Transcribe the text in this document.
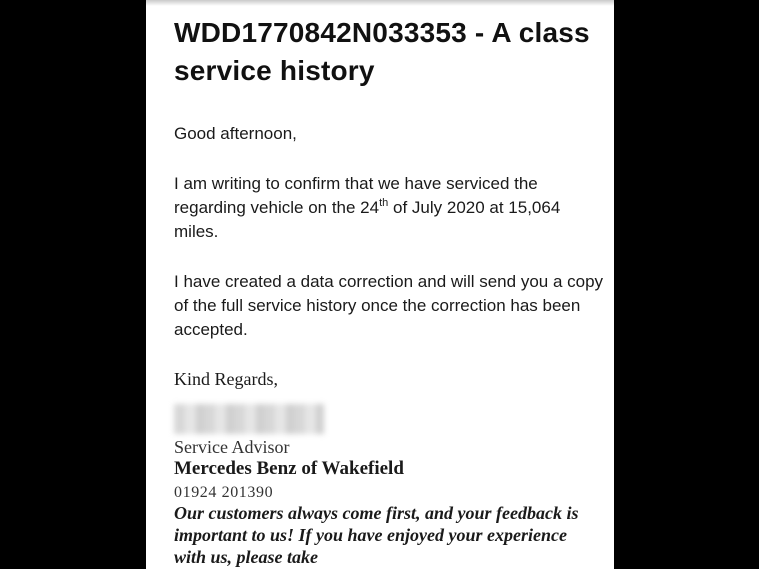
WDD1770842N033353 - A class service history

Good afternoon,

I am writing to confirm that we have serviced the regarding vehicle on the 24th of July 2020 at 15,064 miles.

I have created a data correction and will send you a copy of the full service history once the correction has been accepted.

Kind Regards,

Service Advisor

Mercedes Benz of Wakefield

01924 201390

Our customers always come first, and your feedback is important to us! If you have enjoyed your experience with us, please take
